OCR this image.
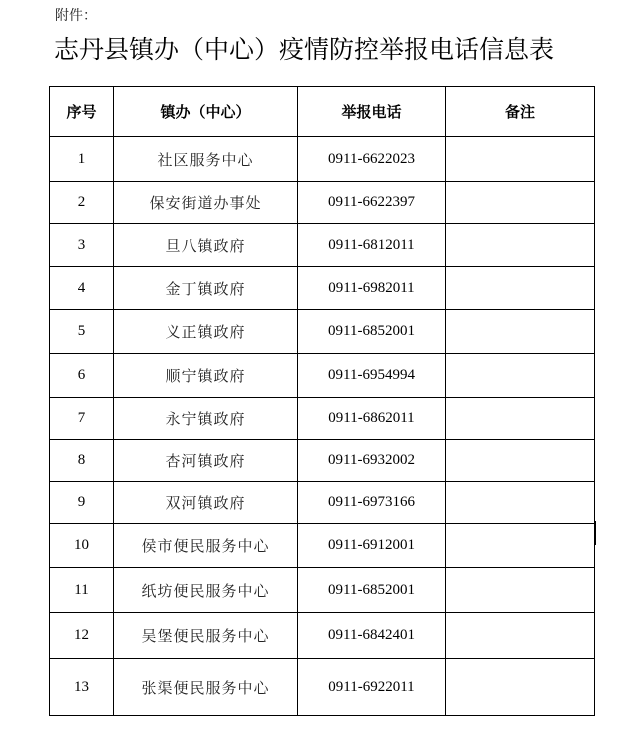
附件：
志丹县镇办（中心）疫情防控举报电话信息表
序号	镇办（中心）	举报电话	备注
1	社区服务中心	0911-6622023	
2	保安街道办事处	0911-6622397	
3	旦八镇政府	0911-6812011	
4	金丁镇政府	0911-6982011	
5	义正镇政府	0911-6852001	
6	顺宁镇政府	0911-6954994	
7	永宁镇政府	0911-6862011	
8	杏河镇政府	0911-6932002	
9	双河镇政府	0911-6973166	
10	侯市便民服务中心	0911-6912001	
11	纸坊便民服务中心	0911-6852001	
12	吴堡便民服务中心	0911-6842401	
13	张渠便民服务中心	0911-6922011	
